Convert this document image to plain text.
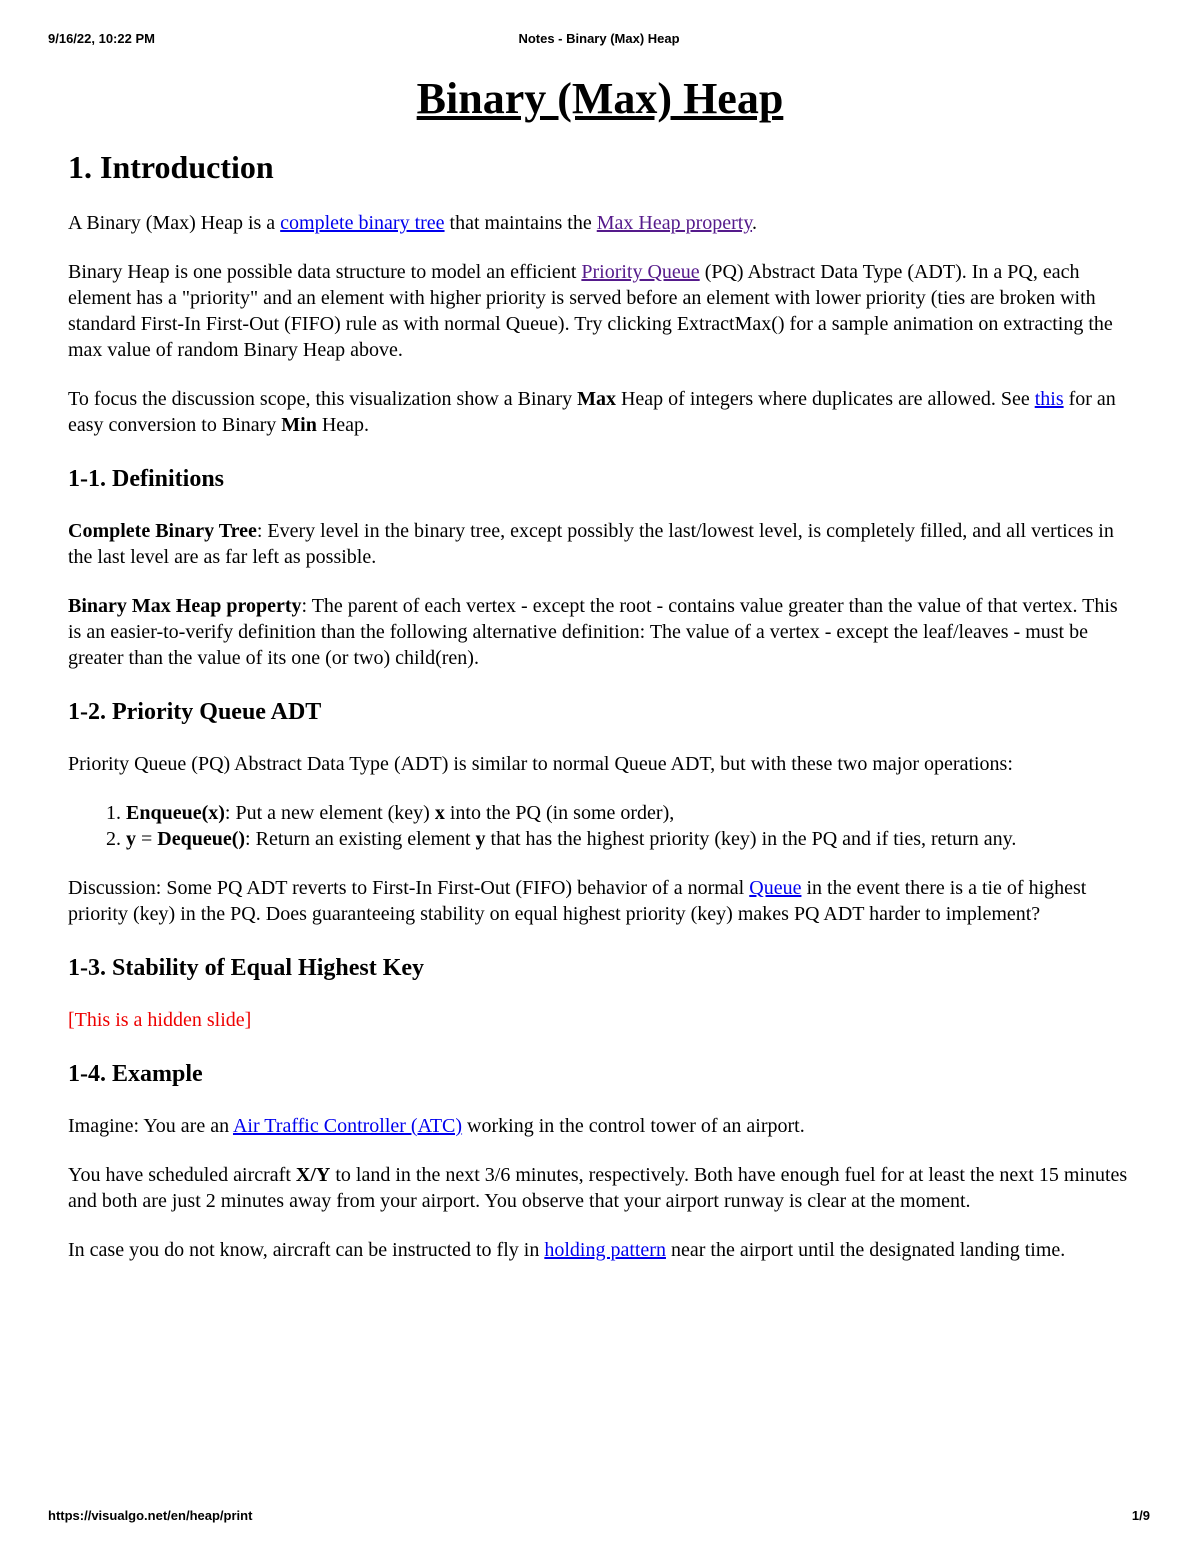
9/16/22, 10:22 PM	Notes - Binary (Max) Heap
Binary (Max) Heap
1. Introduction

A Binary (Max) Heap is a complete binary tree that maintains the Max Heap property.

Binary Heap is one possible data structure to model an efficient Priority Queue (PQ) Abstract Data Type (ADT). In a PQ, each element has a "priority" and an element with higher priority is served before an element with lower priority (ties are broken with standard First-In First-Out (FIFO) rule as with normal Queue). Try clicking ExtractMax() for a sample animation on extracting the max value of random Binary Heap above.

To focus the discussion scope, this visualization show a Binary Max Heap of integers where duplicates are allowed. See this for an easy conversion to Binary Min Heap.

1-1. Definitions

Complete Binary Tree: Every level in the binary tree, except possibly the last/lowest level, is completely filled, and all vertices in the last level are as far left as possible.

Binary Max Heap property: The parent of each vertex - except the root - contains value greater than the value of that vertex. This is an easier-to-verify definition than the following alternative definition: The value of a vertex - except the leaf/leaves - must be greater than the value of its one (or two) child(ren).

1-2. Priority Queue ADT

Priority Queue (PQ) Abstract Data Type (ADT) is similar to normal Queue ADT, but with these two major operations:

1. Enqueue(x): Put a new element (key) x into the PQ (in some order),
2. y = Dequeue(): Return an existing element y that has the highest priority (key) in the PQ and if ties, return any.

Discussion: Some PQ ADT reverts to First-In First-Out (FIFO) behavior of a normal Queue in the event there is a tie of highest priority (key) in the PQ. Does guaranteeing stability on equal highest priority (key) makes PQ ADT harder to implement?

1-3. Stability of Equal Highest Key

[This is a hidden slide]

1-4. Example

Imagine: You are an Air Traffic Controller (ATC) working in the control tower of an airport.

You have scheduled aircraft X/Y to land in the next 3/6 minutes, respectively. Both have enough fuel for at least the next 15 minutes and both are just 2 minutes away from your airport. You observe that your airport runway is clear at the moment.

In case you do not know, aircraft can be instructed to fly in holding pattern near the airport until the designated landing time.

https://visualgo.net/en/heap/print	1/9
